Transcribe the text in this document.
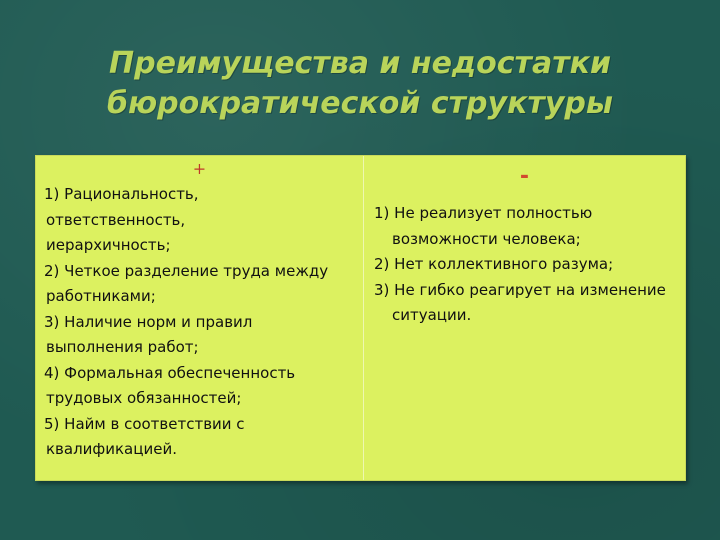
Преимущества и недостатки
бюрократической структуры
+
1) Рациональность,
ответственность,
иерархичность;
2) Четкое разделение труда между
работниками;
3) Наличие норм и правил
выполнения работ;
4) Формальная обеспеченность
трудовых обязанностей;
5) Найм в соответствии с
квалификацией.
-
1) Не реализует полностью
возможности человека;
2) Нет коллективного разума;
3) Не гибко реагирует на изменение
ситуации.
